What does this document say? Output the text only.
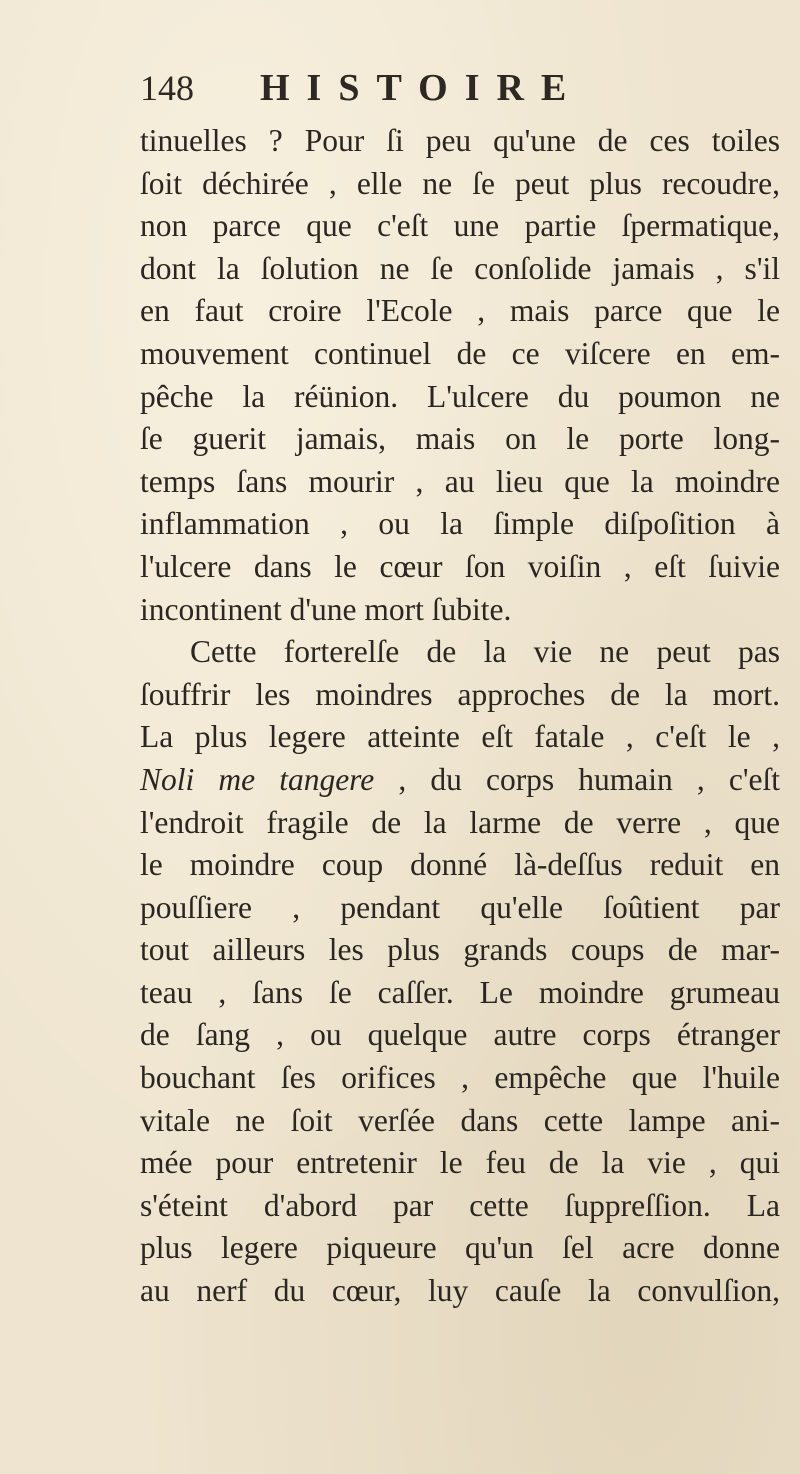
148	HISTOIRE
tinuelles ? Pour ſi peu qu'une de ces toiles
ſoit déchirée , elle ne ſe peut plus recoudre,
non parce que c'eſt une partie ſpermatique,
dont la ſolution ne ſe conſolide jamais , s'il
en faut croire l'Ecole , mais parce que le
mouvement continuel de ce viſcere en em-
pêche la réünion. L'ulcere du poumon ne
ſe guerit jamais, mais on le porte long-
temps ſans mourir , au lieu que la moindre
inflammation , ou la ſimple diſpoſition à
l'ulcere dans le cœur ſon voiſin , eſt ſuivie
incontinent d'une mort ſubite.
Cette forterelſe de la vie ne peut pas
ſouffrir les moindres approches de la mort.
La plus legere atteinte eſt fatale , c'eſt le ,
Noli me tangere , du corps humain , c'eſt
l'endroit fragile de la larme de verre , que
le moindre coup donné là-deſſus reduit en
pouſſiere , pendant qu'elle ſoûtient par
tout ailleurs les plus grands coups de mar-
teau , ſans ſe caſſer. Le moindre grumeau
de ſang , ou quelque autre corps étranger
bouchant ſes orifices , empêche que l'huile
vitale ne ſoit verſée dans cette lampe ani-
mée pour entretenir le feu de la vie , qui
s'éteint d'abord par cette ſuppreſſion. La
plus legere piqueure qu'un ſel acre donne
au nerf du cœur, luy cauſe la convulſion,
